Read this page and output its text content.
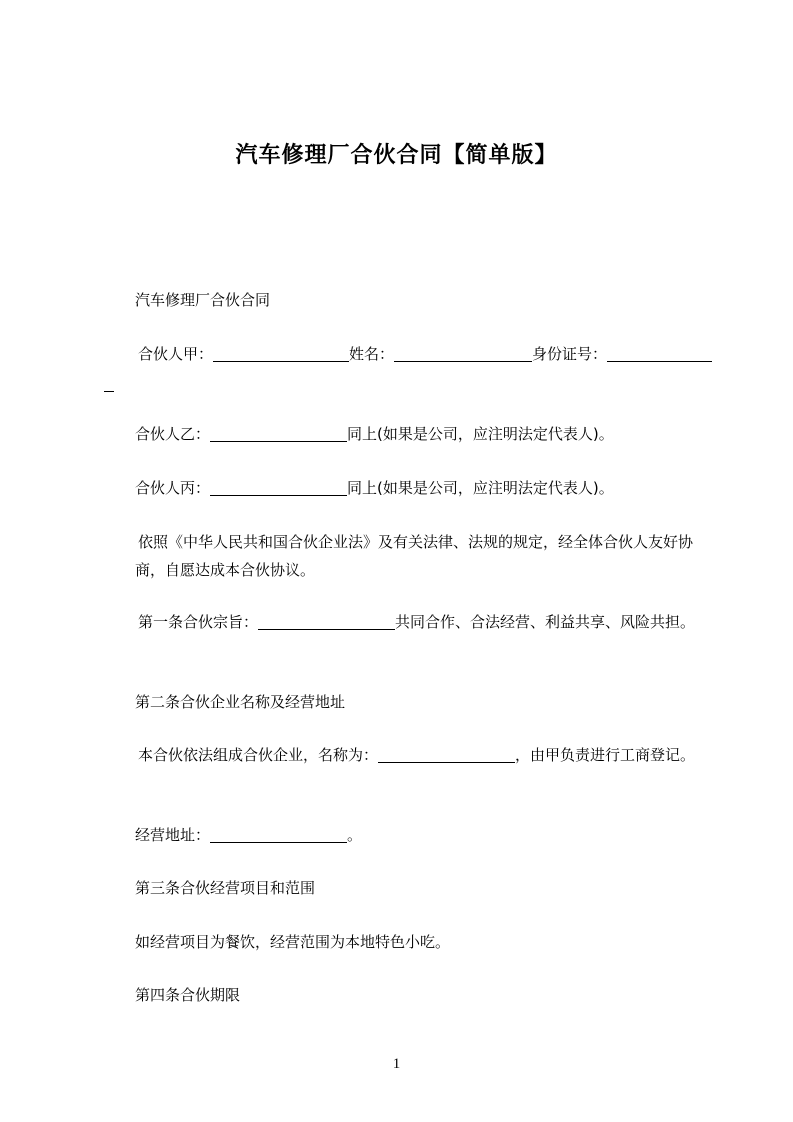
汽车修理厂合伙合同【简单版】
汽车修理厂合伙合同
合伙人甲：	姓名：	身份证号：
合伙人乙：	同上(如果是公司，应注明法定代表人)。
合伙人丙：	同上(如果是公司，应注明法定代表人)。
依照《中华人民共和国合伙企业法》及有关法律、法规的规定，经全体合伙人友好协商，自愿达成本合伙协议。
第一条合伙宗旨：	共同合作、合法经营、利益共享、风险共担。
第二条合伙企业名称及经营地址
本合伙依法组成合伙企业，名称为：	，由甲负责进行工商登记。
经营地址：	。
第三条合伙经营项目和范围
如经营项目为餐饮，经营范围为本地特色小吃。
第四条合伙期限
1
